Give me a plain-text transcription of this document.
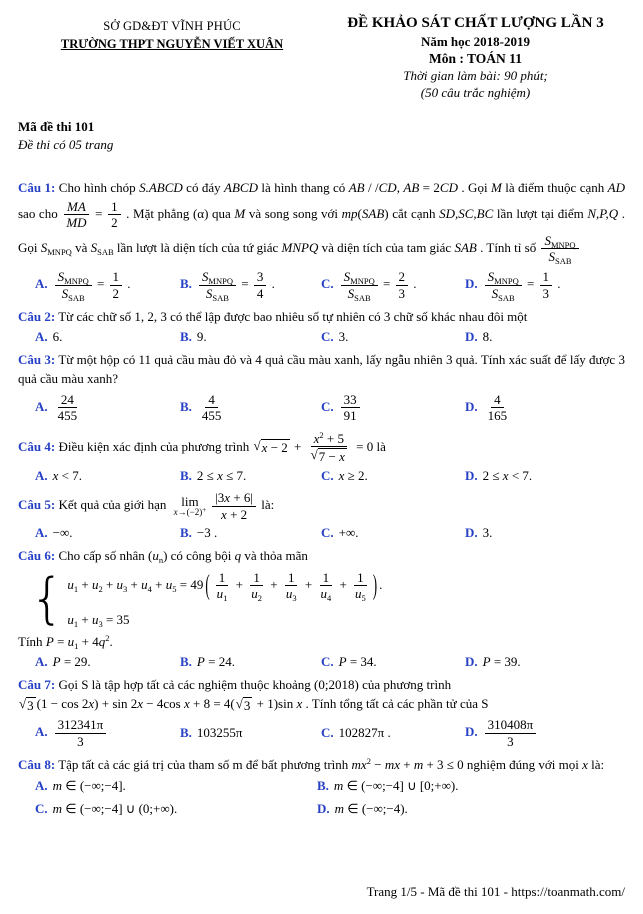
SỞ GD&ĐT VĨNH PHÚC
TRƯỜNG THPT NGUYỄN VIẾT XUÂN
ĐỀ KHẢO SÁT CHẤT LƯỢNG LẦN 3
Năm học 2018-2019
Môn : TOÁN 11
Thời gian làm bài: 90 phút;
(50 câu trắc nghiệm)
Mã đề thi 101
Đề thi có 05 trang

Câu 1: Cho hình chóp S.ABCD có đáy ABCD là hình thang có AB / /CD, AB = 2CD . Gọi M là điểm thuộc cạnh AD sao cho $\frac{MA}{MD} = \frac{1}{2}$ . Mặt phẳng (α) qua M và song song với mp(SAB) cắt cạnh SD,SC,BC lần lượt tại điểm N,P,Q . Gọi $S_{MNPQ}$ và $S_{SAB}$ lần lượt là diện tích của tứ giác MNPQ và diện tích của tam giác SAB . Tính tỉ số $\frac{S_{MNPQ}}{S_{SAB}}$

A. $\frac{S_{MNPQ}}{S_{SAB}} = \frac{1}{2}$ .	B. $\frac{S_{MNPQ}}{S_{SAB}} = \frac{3}{4}$ .	C. $\frac{S_{MNPQ}}{S_{SAB}} = \frac{2}{3}$ .	D. $\frac{S_{MNPQ}}{S_{SAB}} = \frac{1}{3}$ .

Câu 2: Từ các chữ số 1, 2, 3 có thể lập được bao nhiêu số tự nhiên có 3 chữ số khác nhau đôi một

A. 6.	B. 9.	C. 3.	D. 8.

Câu 3: Từ một hộp có 11 quả cầu màu đỏ và 4 quả cầu màu xanh, lấy ngẫu nhiên 3 quả. Tính xác suất để lấy được 3 quả cầu màu xanh?

A. $\frac{24}{455}$	B. $\frac{4}{455}$	C. $\frac{33}{91}$	D. $\frac{4}{165}$

Câu 4: Điều kiện xác định của phương trình √ $x - 2 + \frac{x^2 + 5}{√ 7 - x} = 0$ là

A. x < 7.	B. 2 ≤ x ≤ 7.	C. x ≥ 2.	D. 2 ≤ x < 7.

Câu 5: Kết quả của giới hạn lim
$x\to(-2)^+ \frac{|3x + 6|}{x + 2}$ là:

A. −∞.	B. −3 .	C. +∞.	D. 3.

Câu 6: Cho cấp số nhân $(u_n)$ có công bội q và thỏa mãn

{ $u_1 + u_2 + u_3 + u_4 + u_5 = 49$ ( $\frac{1}{u_1} + \frac{1}{u_2} + \frac{1}{u_3} + \frac{1}{u_4} + \frac{1}{u_5}$ ) .
$u_1 + u_3 = 35$

Tính $P = u_1 + 4q^2$.

A. P = 29.	B. P = 24.	C. P = 34.	D. P = 39.

Câu 7: Gọi S là tập hợp tất cả các nghiệm thuộc khoảng (0;2018) của phương trình

√ 3 (1 − cos 2x) + sin 2x − 4cos x + 8 = 4( √ 3 + 1)sin x . Tính tổng tất cả các phần tử của S

A. $\frac{312341\pi}{3}$	B. 103255π	C. 102827π .	D. $\frac{310408\pi}{3}$

Câu 8: Tập tất cả các giá trị của tham số m để bất phương trình $mx^2$ − mx + m + 3 ≤ 0 nghiệm đúng với mọi x là:

A. m ∈ (−∞;−4].	B. m ∈ (−∞;−4] ∪ [0;+∞).
C. m ∈ (−∞;−4] ∪ (0;+∞).	D. m ∈ (−∞;−4).
Trang 1/5 - Mã đề thi 101 - https://toanmath.com/
